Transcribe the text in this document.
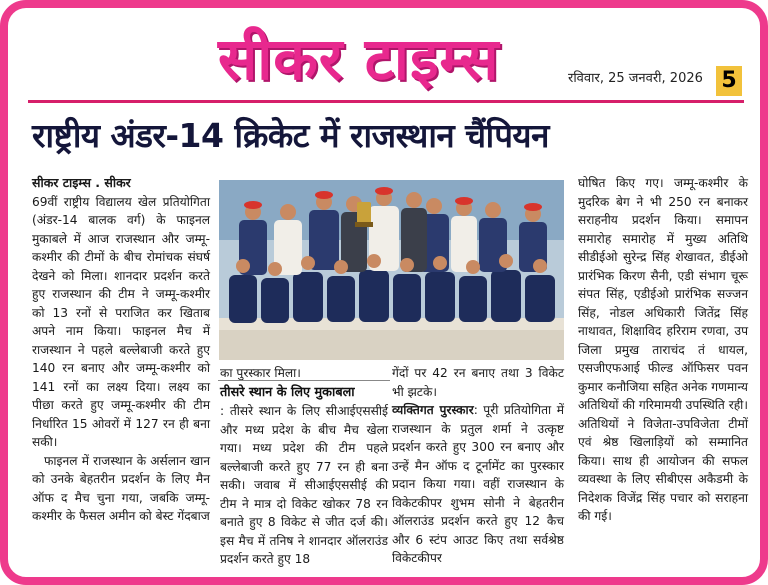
सीकर टाइम्स	रविवार, 25 जनवरी, 2026 5
राष्ट्रीय अंडर-14 क्रिकेट में राजस्थान चैंपियन

सीकर टाइम्स . सीकर

69वीं राष्ट्रीय विद्यालय खेल प्रतियोगिता (अंडर-14 बालक वर्ग) के फाइनल मुकाबले में आज राजस्थान और जम्मू-कश्मीर की टीमों के बीच रोमांचक संघर्ष देखने को मिला। शानदार प्रदर्शन करते हुए राजस्थान की टीम ने जम्मू-कश्मीर को 13 रनों से पराजित कर खिताब अपने नाम किया। फाइनल मैच में राजस्थान ने पहले बल्लेबाजी करते हुए 140 रन बनाए और जम्मू-कश्मीर को 141 रनों का लक्ष्य दिया। लक्ष्य का पीछा करते हुए जम्मू-कश्मीर की टीम निर्धारित 15 ओवरों में 127 रन ही बना सकी।

फाइनल में राजस्थान के अर्सलान खान को उनके बेहतरीन प्रदर्शन के लिए मैन ऑफ द मैच चुना गया, जबकि जम्मू-कश्मीर के फैसल अमीन को बेस्ट गेंदबाज

का पुरस्कार मिला।

तीसरे स्थान के लिए मुकाबला

: तीसरे स्थान के लिए सीआईएससीई और मध्य प्रदेश के बीच मैच खेला गया। मध्य प्रदेश की टीम पहले बल्लेबाजी करते हुए 77 रन ही बना सकी। जवाब में सीआईएससीई की टीम ने मात्र दो विकेट खोकर 78 रन बनाते हुए 8 विकेट से जीत दर्ज की। इस मैच में तनिष ने शानदार ऑलराउंड प्रदर्शन करते हुए 18

गेंदों पर 42 रन बनाए तथा 3 विकेट भी झटके।

व्यक्तिगत पुरस्कार: पूरी प्रतियोगिता में राजस्थान के प्रतुल शर्मा ने उत्कृष्ट प्रदर्शन करते हुए 300 रन बनाए और उन्हें मैन ऑफ द टूर्नामेंट का पुरस्कार प्रदान किया गया। वहीं राजस्थान के विकेटकीपर शुभम सोनी ने बेहतरीन ऑलराउंड प्रदर्शन करते हुए 12 कैच और 6 स्टंप आउट किए तथा सर्वश्रेष्ठ विकेटकीपर

घोषित किए गए। जम्मू-कश्मीर के मुदरिक बेग ने भी 250 रन बनाकर सराहनीय प्रदर्शन किया। समापन समारोह समारोह में मुख्य अतिथि सीडीईओ सुरेन्द्र सिंह शेखावत, डीईओ प्रारंभिक किरण सैनी, एडी संभाग चूरू संपत सिंह, एडीईओ प्रारंभिक सज्जन सिंह, नोडल अधिकारी जितेंद्र सिंह नाथावत, शिक्षाविद हरिराम रणवा, उप जिला प्रमुख ताराचंद तं धायल, एसजीएफआई फील्ड ऑफिसर पवन कुमार कनौजिया सहित अनेक गणमान्य अतिथियों की गरिमामयी उपस्थिति रही।

अतिथियों ने विजेता-उपविजेता टीमों एवं श्रेष्ठ खिलाड़ियों को सम्मानित किया। साथ ही आयोजन की सफल व्यवस्था के लिए सीबीएस अकैडमी के निदेशक विजेंद्र सिंह पचार को सराहना की गई।
